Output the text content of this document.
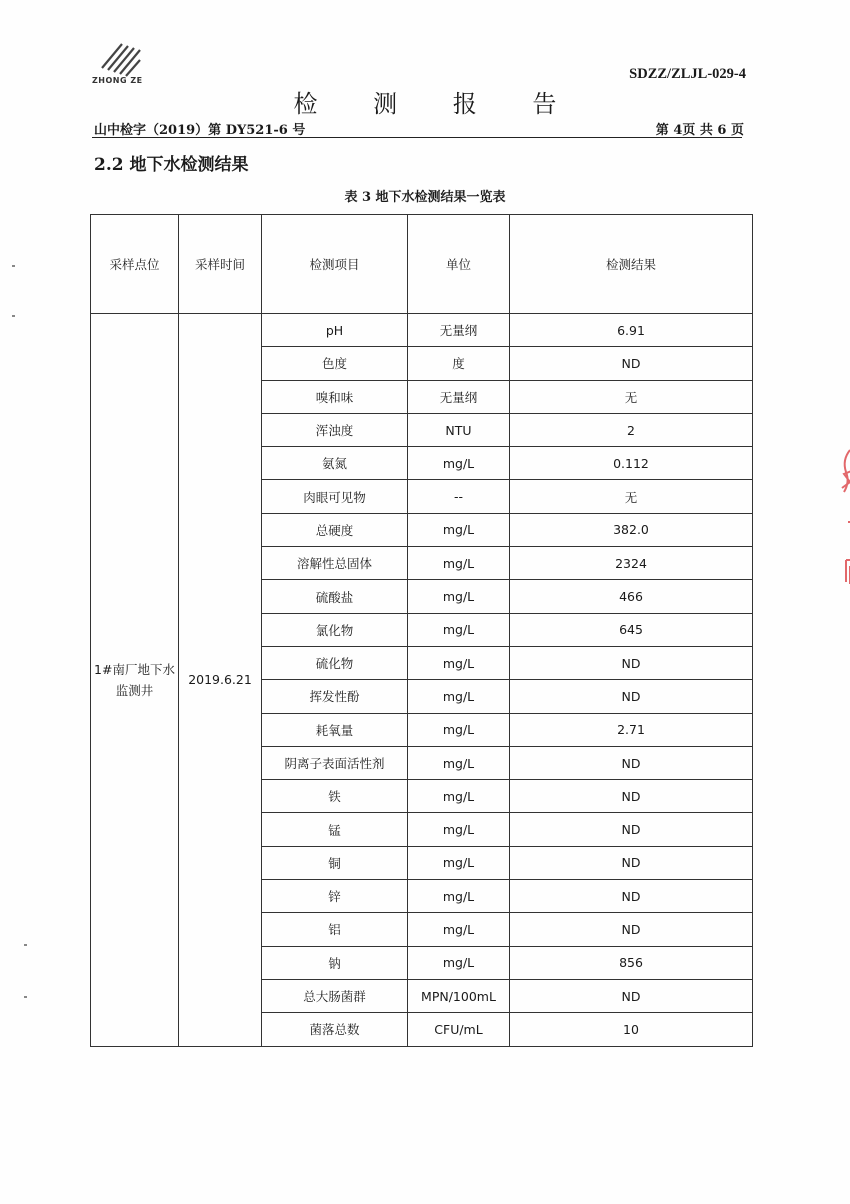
ZHONG ZE	SDZZ/ZLJL-029-4
检 测 报 告
山中检字（2019）第 DY521-6 号	第 4页 共 6 页
2.2 地下水检测结果
表 3 地下水检测结果一览表
采样点位	采样时间	检测项目	单位	检测结果
1#南厂地下水监测井	2019.6.21	pH	无量纲	6.91
		色度	度	ND
		嗅和味	无量纲	无
		浑浊度	NTU	2
		氨氮	mg/L	0.112
		肉眼可见物	--	无
		总硬度	mg/L	382.0
		溶解性总固体	mg/L	2324
		硫酸盐	mg/L	466
		氯化物	mg/L	645
		硫化物	mg/L	ND
		挥发性酚	mg/L	ND
		耗氧量	mg/L	2.71
		阴离子表面活性剂	mg/L	ND
		铁	mg/L	ND
		锰	mg/L	ND
		铜	mg/L	ND
		锌	mg/L	ND
		铝	mg/L	ND
		钠	mg/L	856
		总大肠菌群	MPN/100mL	ND
		菌落总数	CFU/mL	10
